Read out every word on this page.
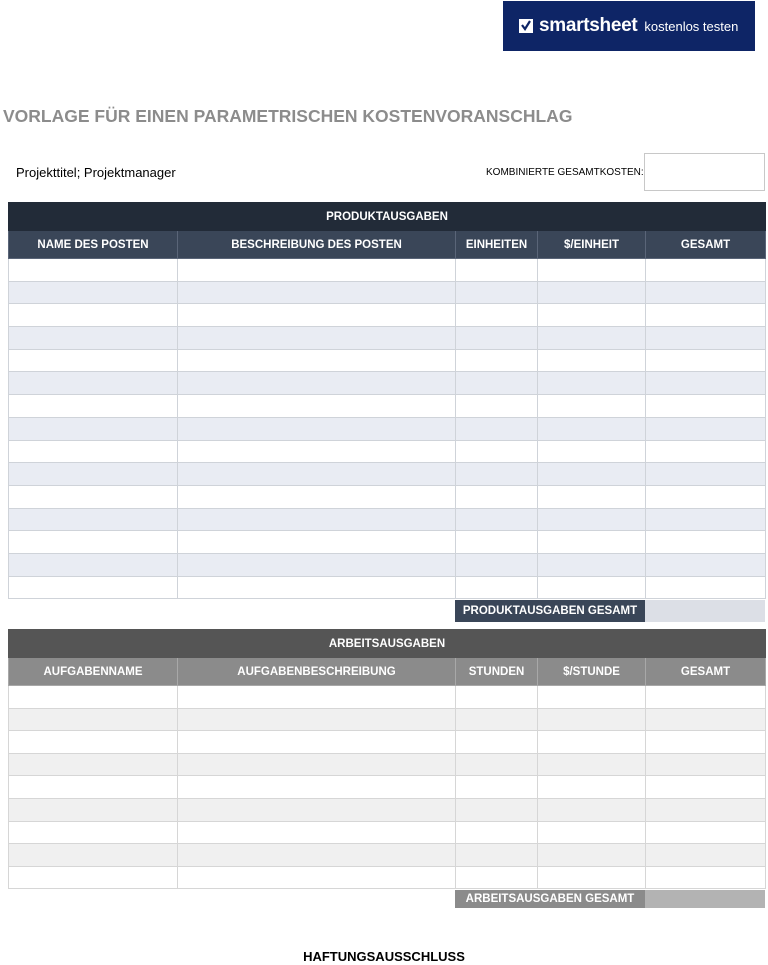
smartsheet kostenlos testen
VORLAGE FÜR EINEN PARAMETRISCHEN KOSTENVORANSCHLAG
Projekttitel; Projektmanager	KOMBINIERTE GESAMTKOSTEN:
PRODUKTAUSGABEN				
NAME DES POSTEN	BESCHREIBUNG DES POSTEN	EINHEITEN	$/EINHEIT	GESAMT

PRODUKTAUSGABEN GESAMT
ARBEITSAUSGABEN				
AUFGABENNAME	AUFGABENBESCHREIBUNG	STUNDEN	$/STUNDE	GESAMT

ARBEITSAUSGABEN GESAMT
HAFTUNGSAUSSCHLUSS
